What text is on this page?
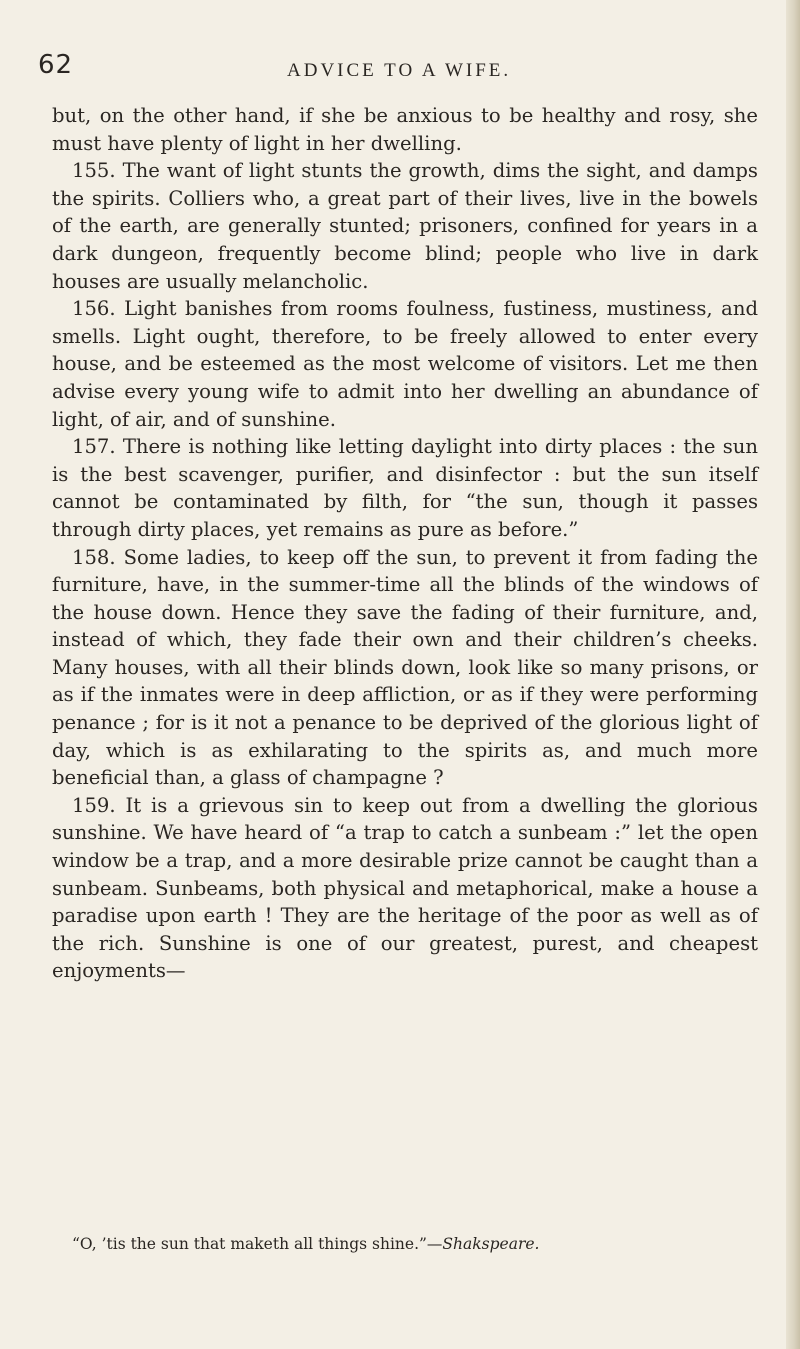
62	ADVICE TO A WIFE.

but, on the other hand, if she be anxious to be healthy and rosy, she must have plenty of light in her dwelling.

155. The want of light stunts the growth, dims the sight, and damps the spirits. Colliers who, a great part of their lives, live in the bowels of the earth, are generally stunted; prisoners, confined for years in a dark dungeon, frequently become blind; people who live in dark houses are usually melancholic.

156. Light banishes from rooms foulness, fustiness, mustiness, and smells. Light ought, therefore, to be freely allowed to enter every house, and be esteemed as the most welcome of visitors. Let me then advise every young wife to admit into her dwelling an abundance of light, of air, and of sunshine.

157. There is nothing like letting daylight into dirty places : the sun is the best scavenger, purifier, and disinfector : but the sun itself cannot be contaminated by filth, for “the sun, though it passes through dirty places, yet remains as pure as before.”

158. Some ladies, to keep off the sun, to prevent it from fading the furniture, have, in the summer-time all the blinds of the windows of the house down. Hence they save the fading of their furniture, and, instead of which, they fade their own and their children’s cheeks. Many houses, with all their blinds down, look like so many prisons, or as if the inmates were in deep affliction, or as if they were performing penance ; for is it not a penance to be deprived of the glorious light of day, which is as exhilarating to the spirits as, and much more beneficial than, a glass of champagne ?

159. It is a grievous sin to keep out from a dwelling the glorious sunshine. We have heard of “a trap to catch a sunbeam :” let the open window be a trap, and a more desirable prize cannot be caught than a sunbeam. Sunbeams, both physical and metaphorical, make a house a paradise upon earth ! They are the heritage of the poor as well as of the rich. Sunshine is one of our greatest, purest, and cheapest enjoyments—

“O, ’tis the sun that maketh all things shine.”—Shakspeare.
